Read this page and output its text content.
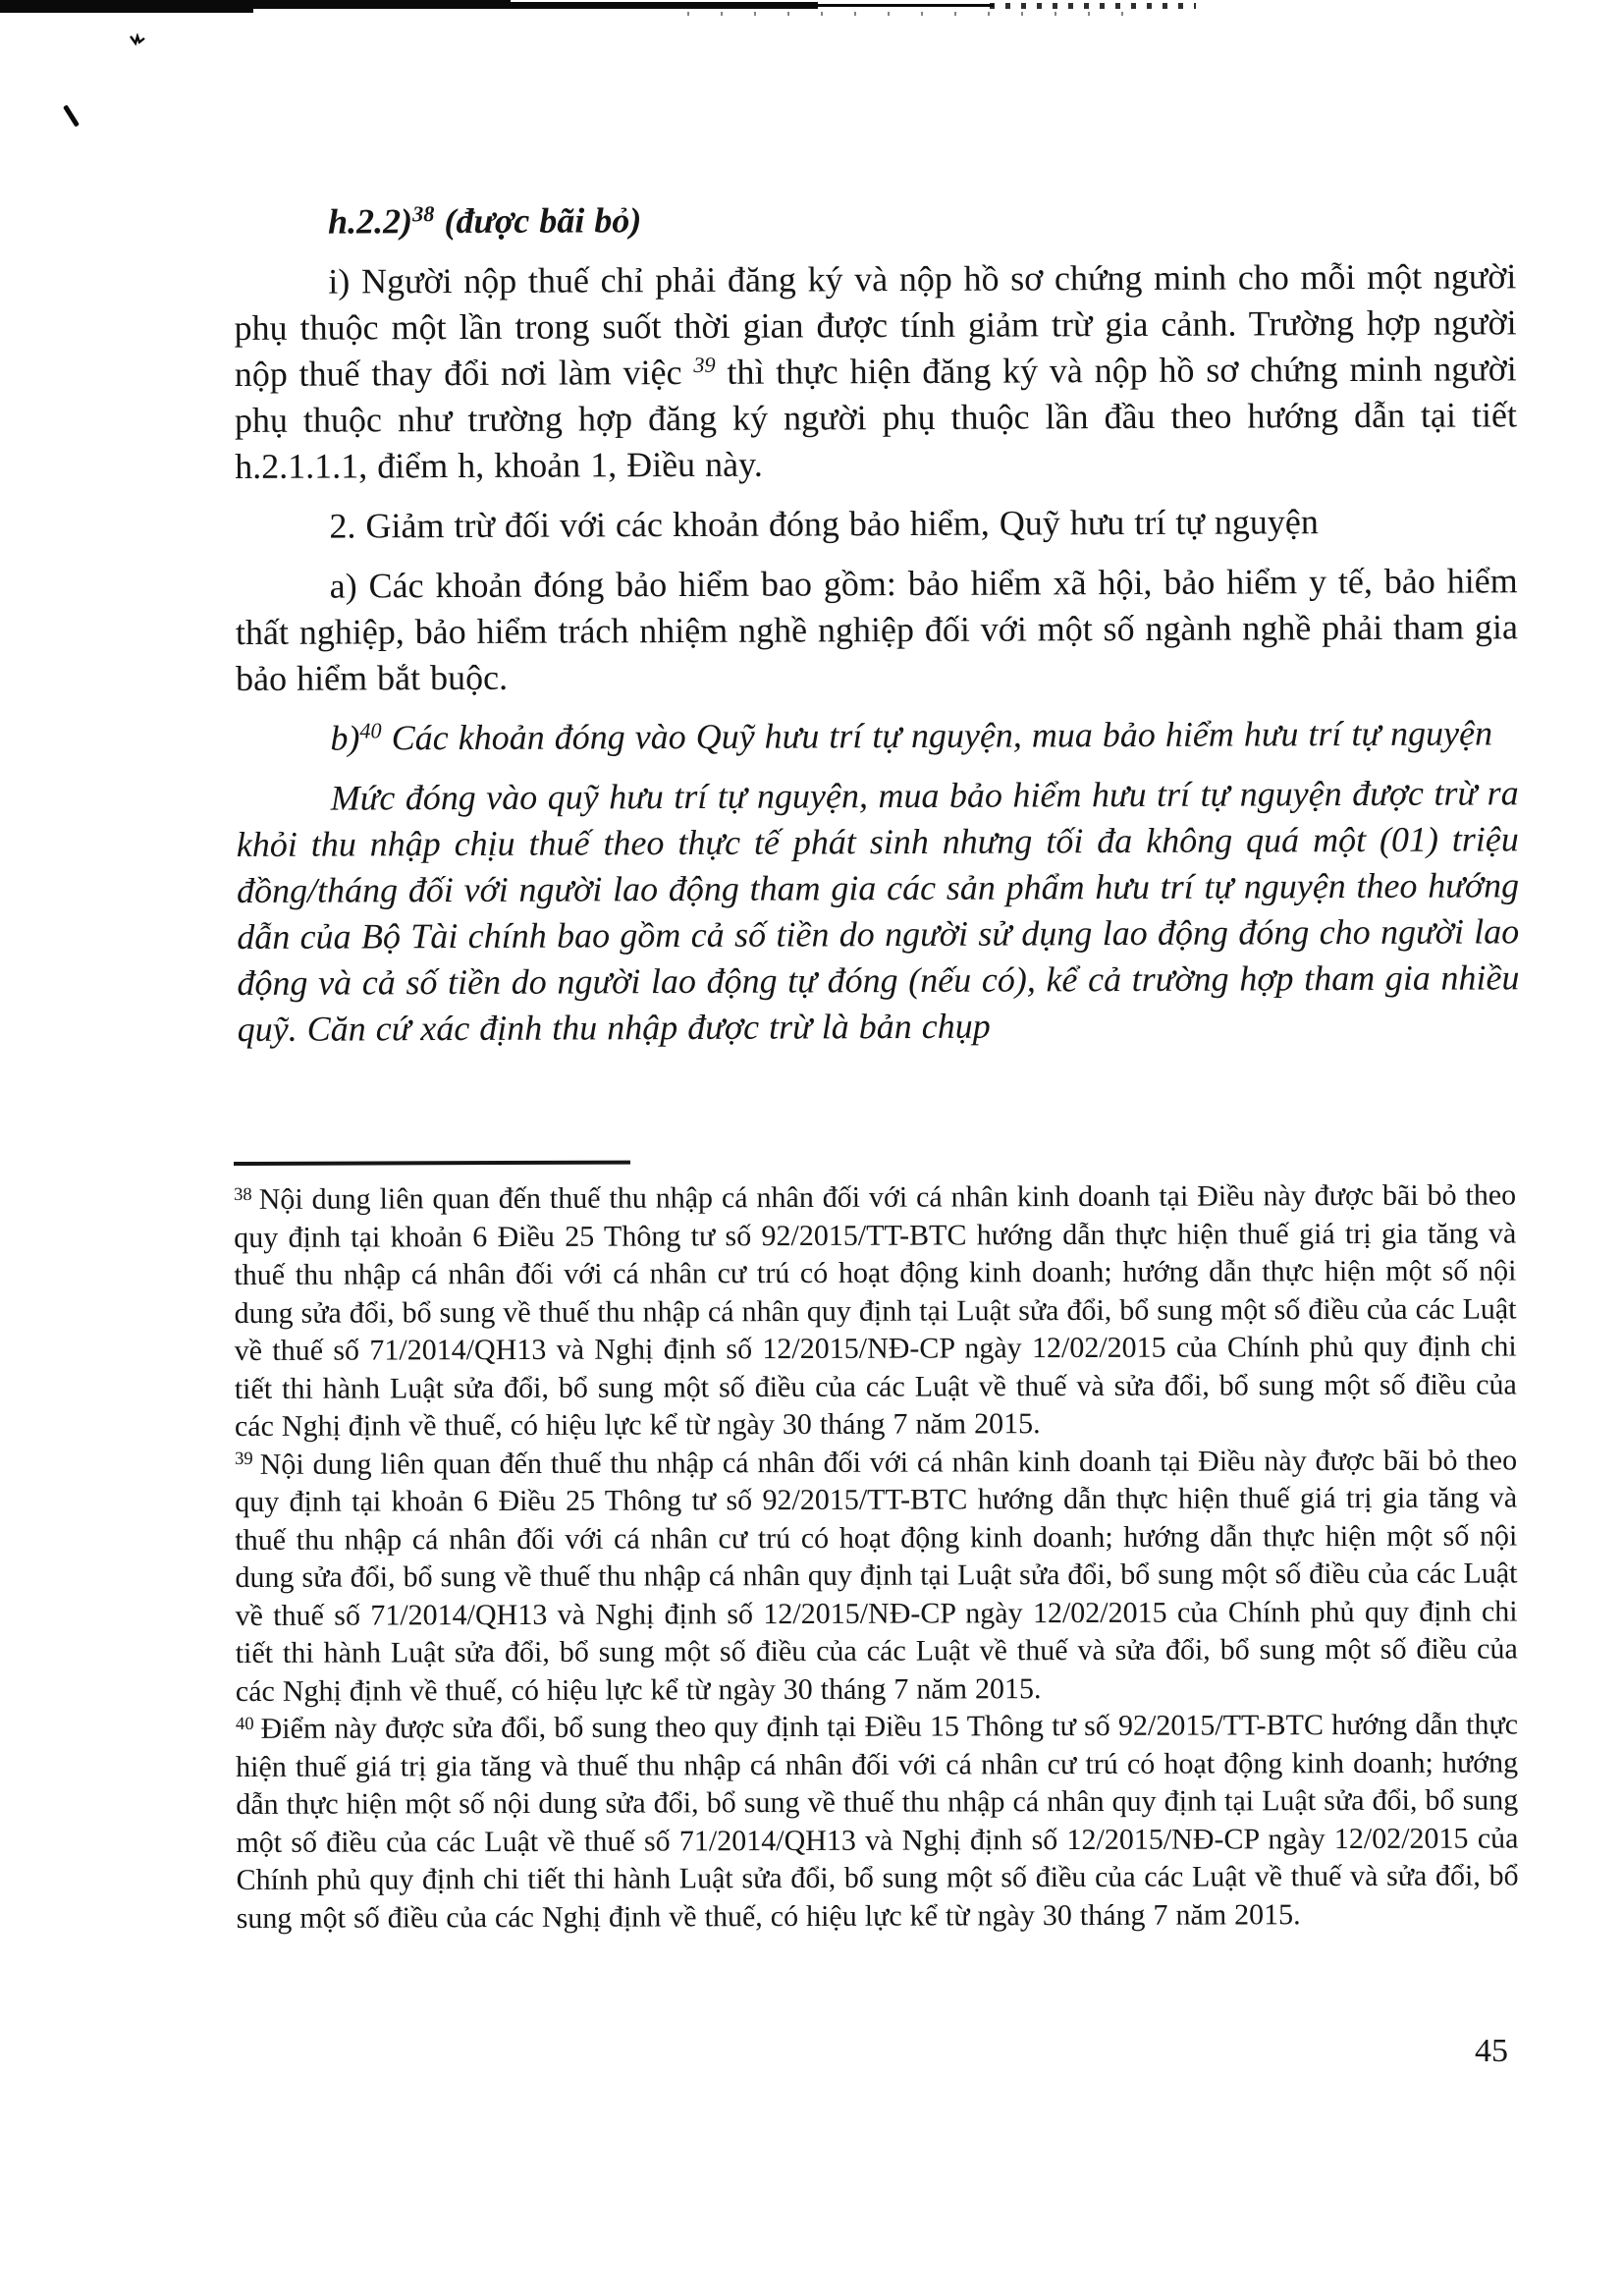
h.2.2)$^{38}$ (được bãi bỏ)

i) Người nộp thuế chỉ phải đăng ký và nộp hồ sơ chứng minh cho mỗi một người phụ thuộc một lần trong suốt thời gian được tính giảm trừ gia cảnh. Trường hợp người nộp thuế thay đổi nơi làm việc $^{39}$ thì thực hiện đăng ký và nộp hồ sơ chứng minh người phụ thuộc như trường hợp đăng ký người phụ thuộc lần đầu theo hướng dẫn tại tiết h.2.1.1.1, điểm h, khoản 1, Điều này.

2. Giảm trừ đối với các khoản đóng bảo hiểm, Quỹ hưu trí tự nguyện

a) Các khoản đóng bảo hiểm bao gồm: bảo hiểm xã hội, bảo hiểm y tế, bảo hiểm thất nghiệp, bảo hiểm trách nhiệm nghề nghiệp đối với một số ngành nghề phải tham gia bảo hiểm bắt buộc.

b)$^{40}$ Các khoản đóng vào Quỹ hưu trí tự nguyện, mua bảo hiểm hưu trí tự nguyện

Mức đóng vào quỹ hưu trí tự nguyện, mua bảo hiểm hưu trí tự nguyện được trừ ra khỏi thu nhập chịu thuế theo thực tế phát sinh nhưng tối đa không quá một (01) triệu đồng/tháng đối với người lao động tham gia các sản phẩm hưu trí tự nguyện theo hướng dẫn của Bộ Tài chính bao gồm cả số tiền do người sử dụng lao động đóng cho người lao động và cả số tiền do người lao động tự đóng (nếu có), kể cả trường hợp tham gia nhiều quỹ. Căn cứ xác định thu nhập được trừ là bản chụp

$^{38}$ Nội dung liên quan đến thuế thu nhập cá nhân đối với cá nhân kinh doanh tại Điều này được bãi bỏ theo quy định tại khoản 6 Điều 25 Thông tư số 92/2015/TT-BTC hướng dẫn thực hiện thuế giá trị gia tăng và thuế thu nhập cá nhân đối với cá nhân cư trú có hoạt động kinh doanh; hướng dẫn thực hiện một số nội dung sửa đổi, bổ sung về thuế thu nhập cá nhân quy định tại Luật sửa đổi, bổ sung một số điều của các Luật về thuế số 71/2014/QH13 và Nghị định số 12/2015/NĐ-CP ngày 12/02/2015 của Chính phủ quy định chi tiết thi hành Luật sửa đổi, bổ sung một số điều của các Luật về thuế và sửa đổi, bổ sung một số điều của các Nghị định về thuế, có hiệu lực kể từ ngày 30 tháng 7 năm 2015.

$^{39}$ Nội dung liên quan đến thuế thu nhập cá nhân đối với cá nhân kinh doanh tại Điều này được bãi bỏ theo quy định tại khoản 6 Điều 25 Thông tư số 92/2015/TT-BTC hướng dẫn thực hiện thuế giá trị gia tăng và thuế thu nhập cá nhân đối với cá nhân cư trú có hoạt động kinh doanh; hướng dẫn thực hiện một số nội dung sửa đổi, bổ sung về thuế thu nhập cá nhân quy định tại Luật sửa đổi, bổ sung một số điều của các Luật về thuế số 71/2014/QH13 và Nghị định số 12/2015/NĐ-CP ngày 12/02/2015 của Chính phủ quy định chi tiết thi hành Luật sửa đổi, bổ sung một số điều của các Luật về thuế và sửa đổi, bổ sung một số điều của các Nghị định về thuế, có hiệu lực kể từ ngày 30 tháng 7 năm 2015.

$^{40}$ Điểm này được sửa đổi, bổ sung theo quy định tại Điều 15 Thông tư số 92/2015/TT-BTC hướng dẫn thực hiện thuế giá trị gia tăng và thuế thu nhập cá nhân đối với cá nhân cư trú có hoạt động kinh doanh; hướng dẫn thực hiện một số nội dung sửa đổi, bổ sung về thuế thu nhập cá nhân quy định tại Luật sửa đổi, bổ sung một số điều của các Luật về thuế số 71/2014/QH13 và Nghị định số 12/2015/NĐ-CP ngày 12/02/2015 của Chính phủ quy định chi tiết thi hành Luật sửa đổi, bổ sung một số điều của các Luật về thuế và sửa đổi, bổ sung một số điều của các Nghị định về thuế, có hiệu lực kể từ ngày 30 tháng 7 năm 2015.

45
